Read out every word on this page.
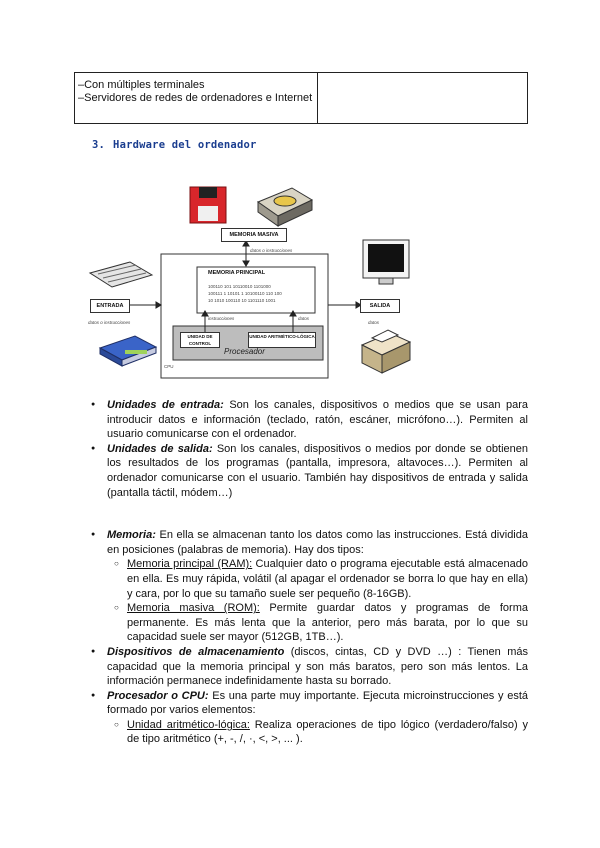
–Con múltiples terminales
–Servidores de redes de ordenadores e Internet
3. Hardware del ordenador
MEMORIA MASIVA
datos o instrucciones
MEMORIA PRINCIPAL
100110 101 10110010 1101000
100111 1 10101 1 10100110 110 100
10 1010 100110 10 1101110 1001
ENTRADA
datos o instrucciones
SALIDA
datos
instrucciones	datos
UNIDAD DE CONTROL
UNIDAD ARITMÉTICO-LÓGICA
Procesador
CPU

● Unidades de entrada: Son los canales, dispositivos o medios que se usan para introducir datos e información (teclado, ratón, escáner, micrófono…). Permiten al usuario comunicarse con el ordenador.

● Unidades de salida: Son los canales, dispositivos o medios por donde se obtienen los resultados de los programas (pantalla, impresora, altavoces…). Permiten al ordenador comunicarse con el usuario. También hay dispositivos de entrada y salida (pantalla táctil, módem…)

● Memoria: En ella se almacenan tanto los datos como las instrucciones. Está dividida en posiciones (palabras de memoria). Hay dos tipos:

○ Memoria principal (RAM): Cualquier dato o programa ejecutable está almacenado en ella. Es muy rápida, volátil (al apagar el ordenador se borra lo que hay en ella) y cara, por lo que su tamaño suele ser pequeño (8-16GB).

○ Memoria masiva (ROM): Permite guardar datos y programas de forma permanente. Es más lenta que la anterior, pero más barata, por lo que su capacidad suele ser mayor (512GB, 1TB…).

● Dispositivos de almacenamiento (discos, cintas, CD y DVD …) : Tienen más capacidad que la memoria principal y son más baratos, pero son más lentos. La información permanece indefinidamente hasta su borrado.

● Procesador o CPU: Es una parte muy importante. Ejecuta microinstrucciones y está formado por varios elementos:

○ Unidad aritmético-lógica: Realiza operaciones de tipo lógico (verdadero/falso) y de tipo aritmético (+, -, /, ·, <, >, ... ).
